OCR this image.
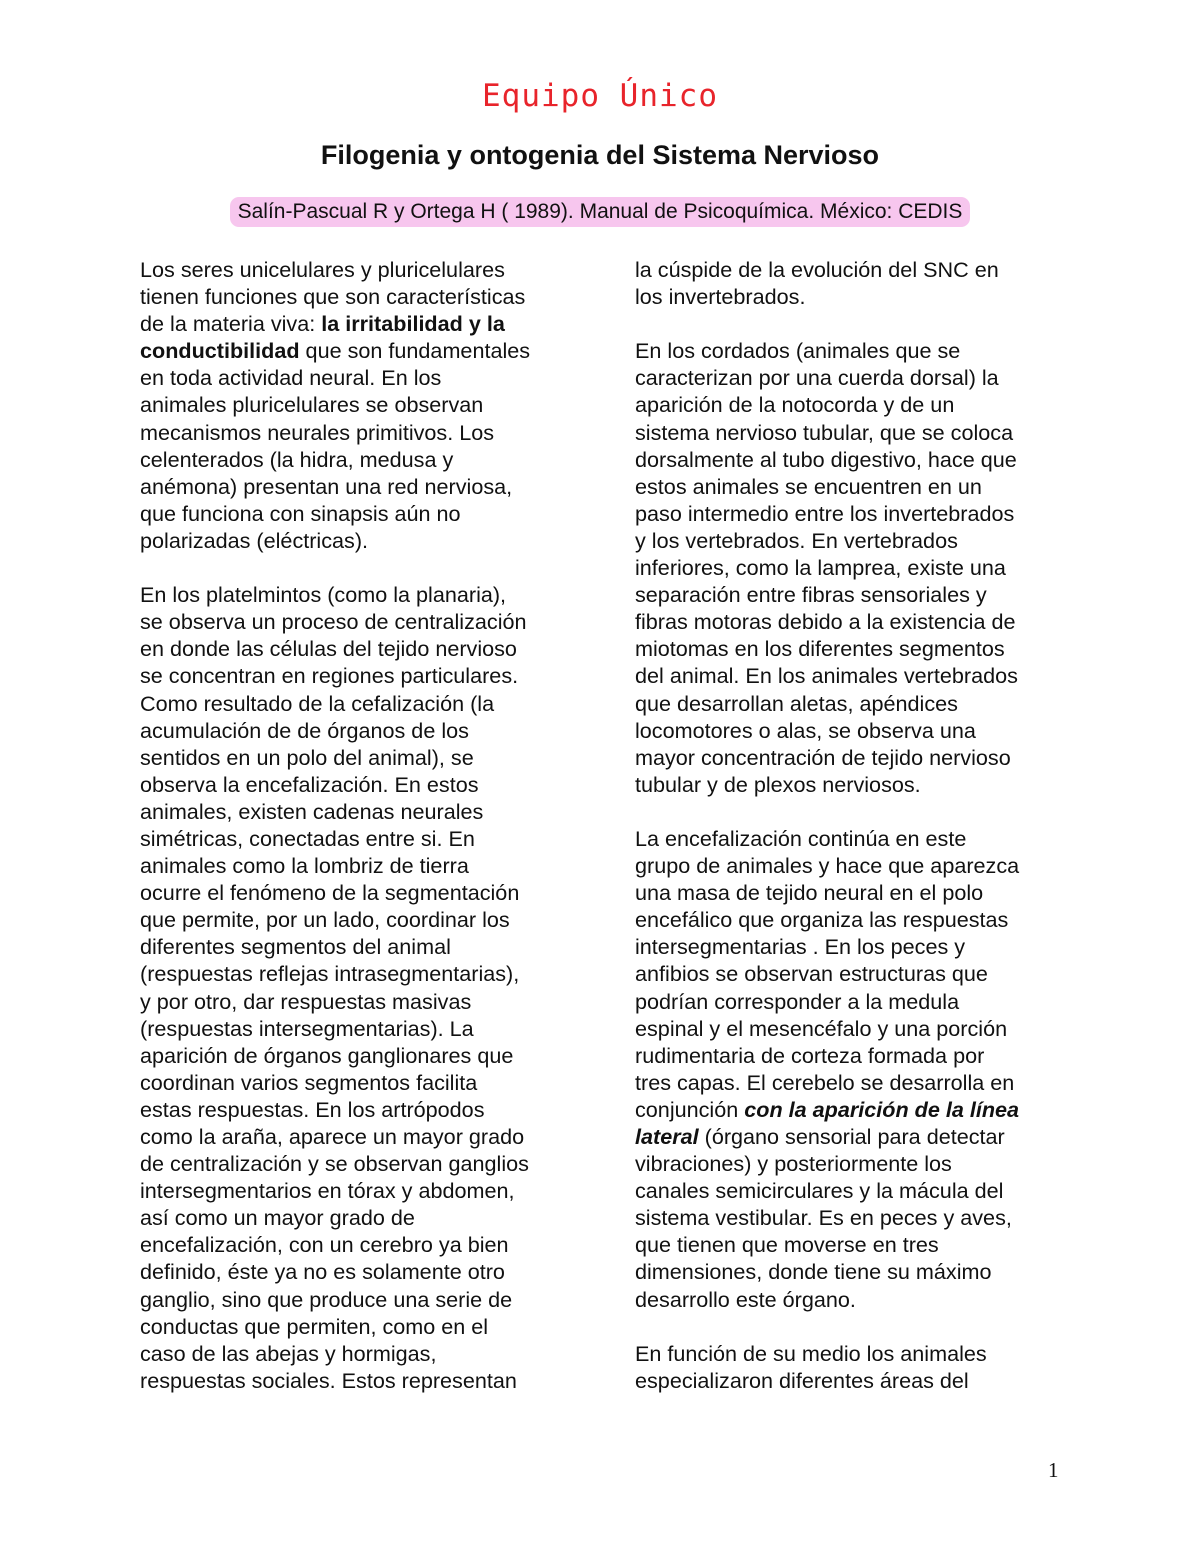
Equipo Único
Filogenia y ontogenia del Sistema Nervioso
Salín-Pascual R y Ortega H ( 1989). Manual de Psicoquímica. México: CEDIS

Los seres unicelulares y pluricelulares
tienen funciones que son características
de la materia viva: la irritabilidad y la
conductibilidad que son fundamentales
en toda actividad neural. En los
animales pluricelulares se observan
mecanismos neurales primitivos. Los
celenterados (la hidra, medusa y
anémona) presentan una red nerviosa,
que funciona con sinapsis aún no
polarizadas (eléctricas).

En los platelmintos (como la planaria),
se observa un proceso de centralización
en donde las células del tejido nervioso
se concentran en regiones particulares.
Como resultado de la cefalización (la
acumulación de de órganos de los
sentidos en un polo del animal), se
observa la encefalización. En estos
animales, existen cadenas neurales
simétricas, conectadas entre si. En
animales como la lombriz de tierra
ocurre el fenómeno de la segmentación
que permite, por un lado, coordinar los
diferentes segmentos del animal
(respuestas reflejas intrasegmentarias),
y por otro, dar respuestas masivas
(respuestas intersegmentarias). La
aparición de órganos ganglionares que
coordinan varios segmentos facilita
estas respuestas. En los artrópodos
como la araña, aparece un mayor grado
de centralización y se observan ganglios
intersegmentarios en tórax y abdomen,
así como un mayor grado de
encefalización, con un cerebro ya bien
definido, éste ya no es solamente otro
ganglio, sino que produce una serie de
conductas que permiten, como en el
caso de las abejas y hormigas,
respuestas sociales. Estos representan

la cúspide de la evolución del SNC en
los invertebrados.

En los cordados (animales que se
caracterizan por una cuerda dorsal) la
aparición de la notocorda y de un
sistema nervioso tubular, que se coloca
dorsalmente al tubo digestivo, hace que
estos animales se encuentren en un
paso intermedio entre los invertebrados
y los vertebrados. En vertebrados
inferiores, como la lamprea, existe una
separación entre fibras sensoriales y
fibras motoras debido a la existencia de
miotomas en los diferentes segmentos
del animal. En los animales vertebrados
que desarrollan aletas, apéndices
locomotores o alas, se observa una
mayor concentración de tejido nervioso
tubular y de plexos nerviosos.

La encefalización continúa en este
grupo de animales y hace que aparezca
una masa de tejido neural en el polo
encefálico que organiza las respuestas
intersegmentarias . En los peces y
anfibios se observan estructuras que
podrían corresponder a la medula
espinal y el mesencéfalo y una porción
rudimentaria de corteza formada por
tres capas. El cerebelo se desarrolla en
conjunción con la aparición de la línea
lateral (órgano sensorial para detectar
vibraciones) y posteriormente los
canales semicirculares y la mácula del
sistema vestibular. Es en peces y aves,
que tienen que moverse en tres
dimensiones, donde tiene su máximo
desarrollo este órgano.

En función de su medio los animales
especializaron diferentes áreas del

1
